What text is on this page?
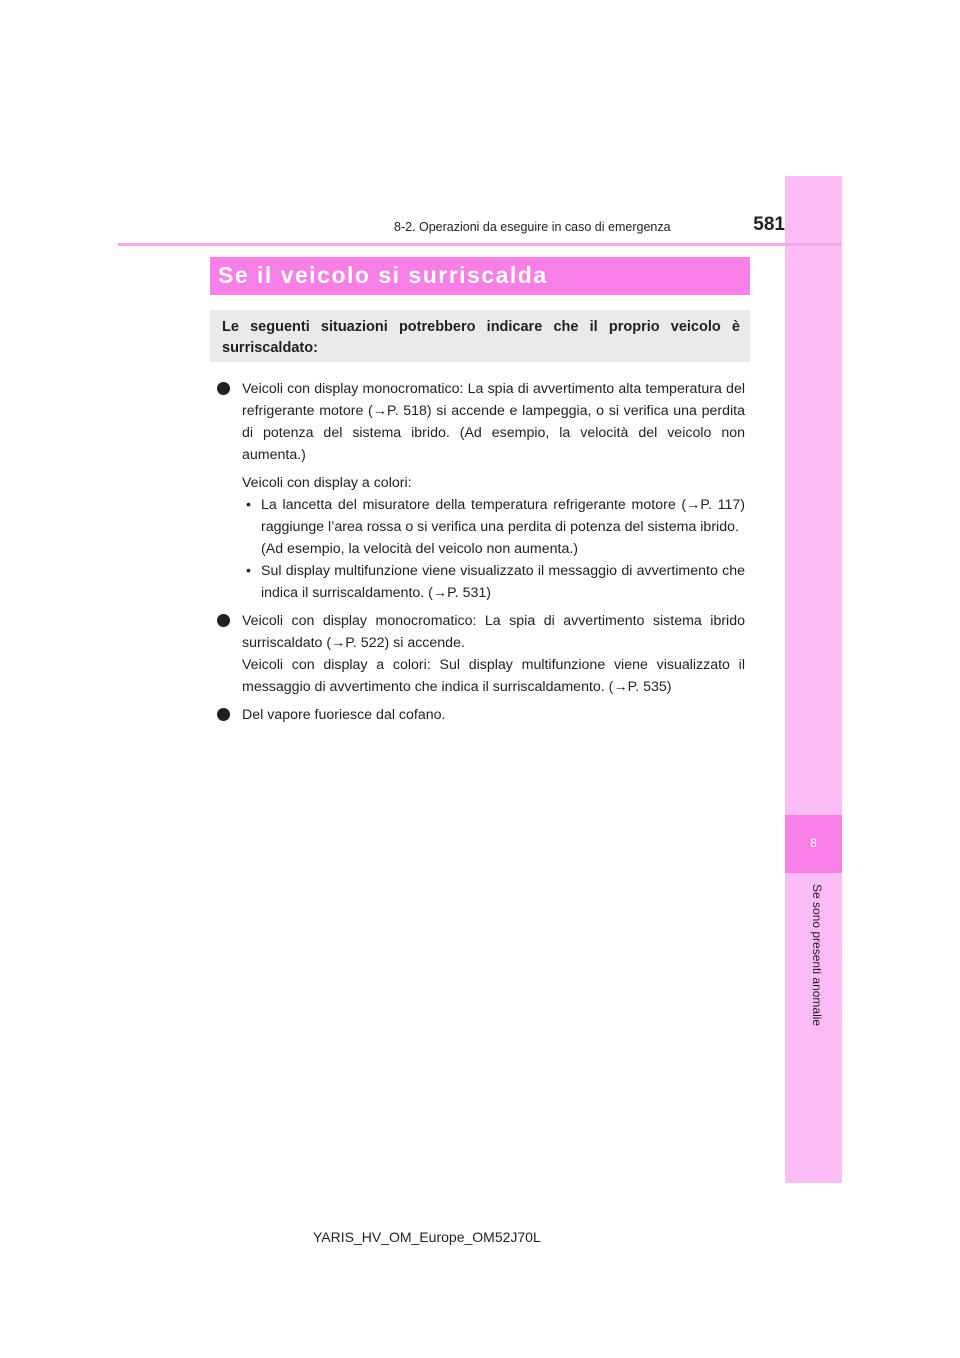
8
Se sono presenti anomalie
8-2. Operazioni da eseguire in caso di emergenza	581
Se il veicolo si surriscalda
Le seguenti situazioni potrebbero indicare che il proprio veicolo è surriscaldato:
Veicoli con display monocromatico: La spia di avvertimento alta temperatura del refrigerante motore (→P. 518) si accende e lampeggia, o si verifica una perdita di potenza del sistema ibrido. (Ad esempio, la velocità del veicolo non aumenta.)
Veicoli con display a colori:
• La lancetta del misuratore della temperatura refrigerante motore (→P. 117) raggiunge l’area rossa o si verifica una perdita di potenza del sistema ibrido.
(Ad esempio, la velocità del veicolo non aumenta.)
• Sul display multifunzione viene visualizzato il messaggio di avvertimento che indica il surriscaldamento. (→P. 531)
Veicoli con display monocromatico: La spia di avvertimento sistema ibrido surriscaldato (→P. 522) si accende.
Veicoli con display a colori: Sul display multifunzione viene visualizzato il messaggio di avvertimento che indica il surriscaldamento. (→P. 535)
Del vapore fuoriesce dal cofano.
YARIS_HV_OM_Europe_OM52J70L
